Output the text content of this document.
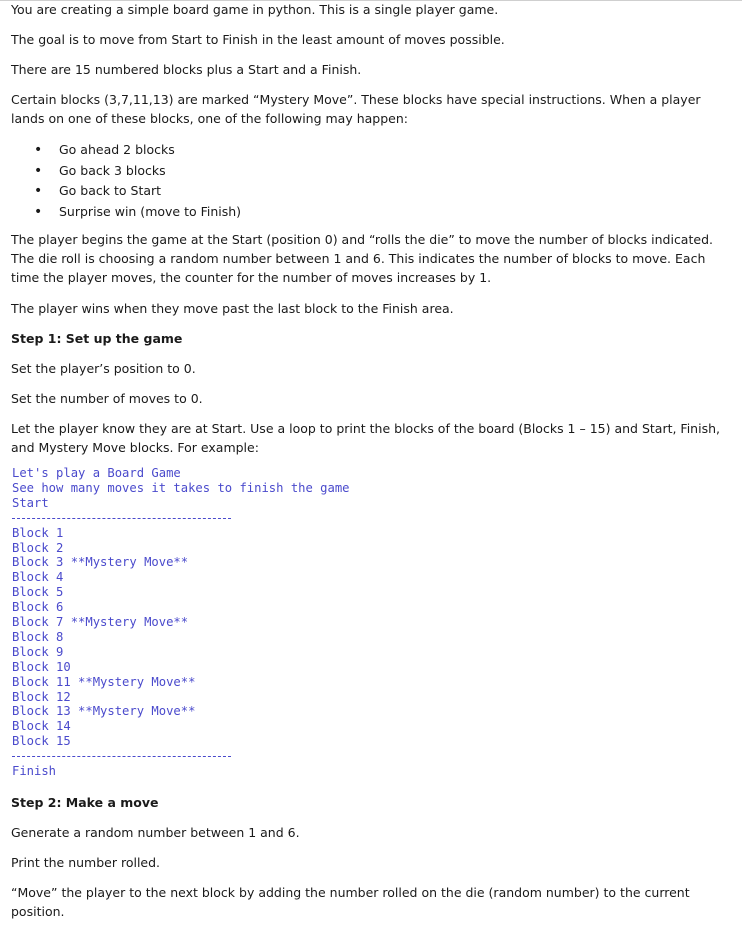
You are creating a simple board game in python. This is a single player game.

The goal is to move from Start to Finish in the least amount of moves possible.

There are 15 numbered blocks plus a Start and a Finish.

Certain blocks (3,7,11,13) are marked “Mystery Move”. These blocks have special instructions. When a player lands on one of these blocks, one of the following may happen:

• Go ahead 2 blocks
• Go back 3 blocks
• Go back to Start
• Surprise win (move to Finish)

The player begins the game at the Start (position 0) and “rolls the die” to move the number of blocks indicated. The die roll is choosing a random number between 1 and 6. This indicates the number of blocks to move. Each time the player moves, the counter for the number of moves increases by 1.

The player wins when they move past the last block to the Finish area.

Step 1: Set up the game

Set the player’s position to 0.

Set the number of moves to 0.

Let the player know they are at Start. Use a loop to print the blocks of the board (Blocks 1 – 15) and Start, Finish, and Mystery Move blocks. For example:

Let's play a Board Game
See how many moves it takes to finish the game
Start
Block 1
Block 2
Block 3 **Mystery Move**
Block 4
Block 5
Block 6
Block 7 **Mystery Move**
Block 8
Block 9
Block 10
Block 11 **Mystery Move**
Block 12
Block 13 **Mystery Move**
Block 14
Block 15
Finish

Step 2: Make a move

Generate a random number between 1 and 6.

Print the number rolled.

“Move” the player to the next block by adding the number rolled on the die (random number) to the current position.
